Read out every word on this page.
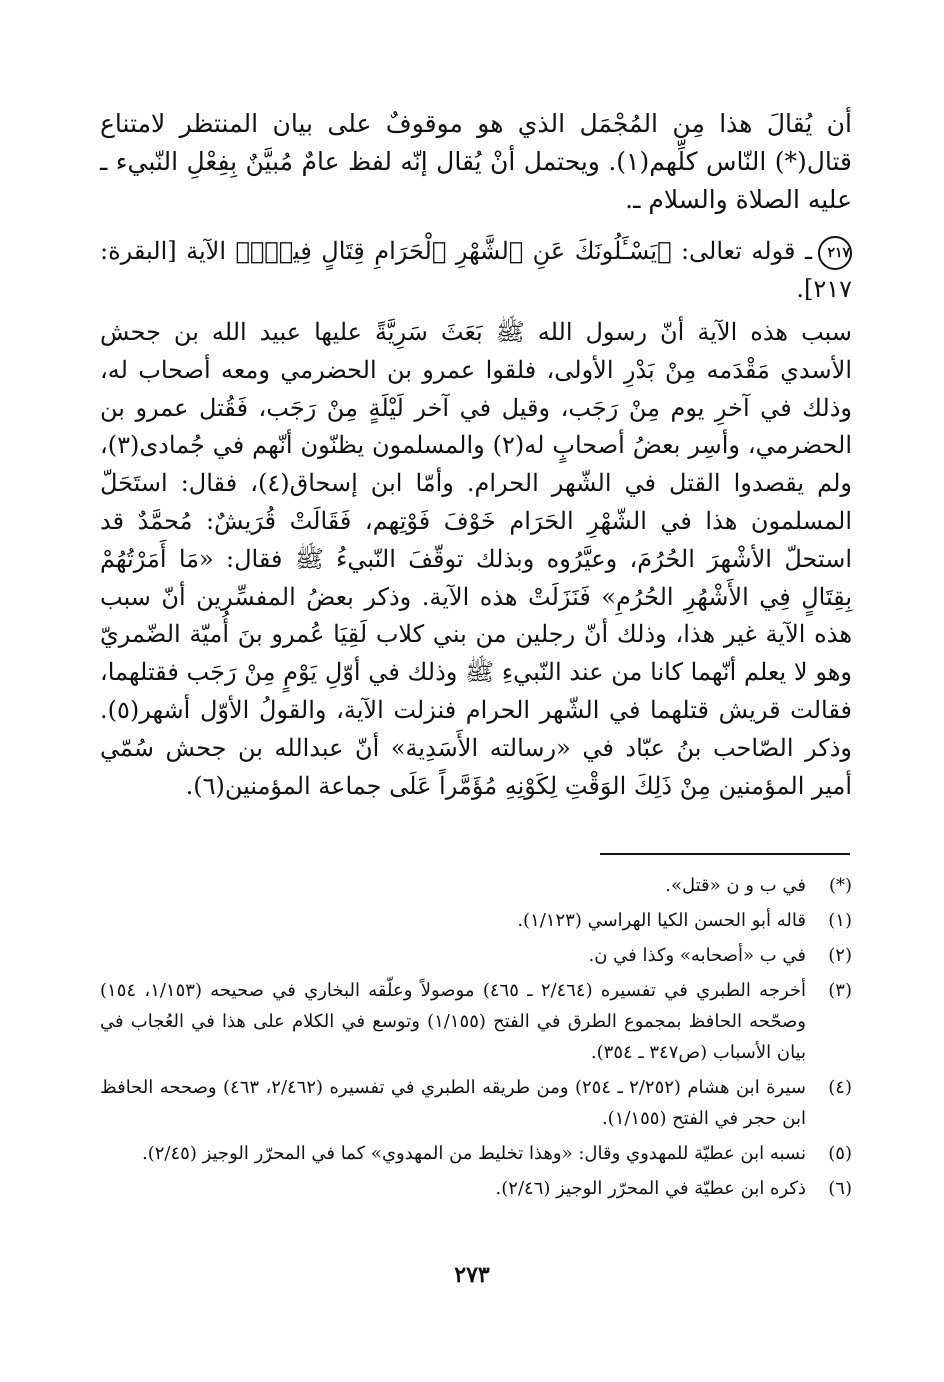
أن يُقالَ هذا مِن المُجْمَل الذي هو موقوفٌ على بيان المنتظر لامتناع قتال(*) النّاس كلِّهم(١). ويحتمل أنْ يُقال إنّه لفظ عامٌ مُبيَّنٌ بِفِعْلِ النّبيء ـ عليه الصلاة والسلام ـ.

٢١٧ـ قوله تعالى: ﴿يَسْـَٔلُونَكَ عَنِ ٱلشَّهْرِ ٱلْحَرَامِ قِتَالٍ فِيهِۖ﴾ الآية [البقرة: ٢١٧].

سبب هذه الآية أنّ رسول الله ﷺ بَعَثَ سَرِيَّةً عليها عبيد الله بن جحش الأسدي مَقْدَمه مِنْ بَدْرِ الأولى، فلقوا عمرو بن الحضرمي ومعه أصحاب له، وذلك في آخرِ يوم مِنْ رَجَب، وقيل في آخر لَيْلَةٍ مِنْ رَجَب، فَقُتل عمرو بن الحضرمي، وأسِر بعضُ أصحابٍ له(٢) والمسلمون يظنّون أنّهم في جُمادى(٣)، ولم يقصدوا القتل في الشّهر الحرام. وأمّا ابن إسحاق(٤)، فقال: استَحَلّ المسلمون هذا في الشّهْرِ الحَرَام خَوْفَ فَوْتِهم، فَقَالَتْ قُرَيشٌ: مُحمَّدٌ قد استحلّ الأشْهرَ الحُرُمَ، وعيَّرُوه وبذلك توقّفَ النّبيءُ ﷺ فقال: «مَا أَمَرْتُهُمْ بِقِتَالٍ فِي الأَشْهُرِ الحُرُمِ» فَنَزَلَتْ هذه الآية. وذكر بعضُ المفسِّرين أنّ سبب هذه الآية غير هذا، وذلك أنّ رجلين من بني كلاب لَقِيَا عُمرو بنَ أُميّة الضّمريّ وهو لا يعلم أنّهما كانا من عند النّبيءِ ﷺ وذلك في أوّلِ يَوْمٍ مِنْ رَجَب فقتلهما، فقالت قريش قتلهما في الشّهر الحرام فنزلت الآية، والقولُ الأوّل أشهر(٥). وذكر الصّاحب بنُ عبّاد في «رسالته الأَسَدِية» أنّ عبدالله بن جحش سُمّي أمير المؤمنين مِنْ ذَلِكَ الوَقْتِ لِكَوْنِهِ مُؤَمَّراً عَلَى جماعة المؤمنين(٦).

(*)
في ب و ن «قتل».
(١)
قاله أبو الحسن الكيا الهراسي (١/١٢٣).
(٢)
في ب «أصحابه» وكذا في ن.
(٣)
أخرجه الطبري في تفسيره (٢/٤٦٤ ـ ٤٦٥) موصولاً وعلّقه البخاري في صحيحه (١/١٥٣، ١٥٤) وصحّحه الحافظ بمجموع الطرق في الفتح (١/١٥٥) وتوسع في الكلام على هذا في العُجاب في بيان الأسباب (ص٣٤٧ ـ ٣٥٤).
(٤)
سيرة ابن هشام (٢/٢٥٢ ـ ٢٥٤) ومن طريقه الطبري في تفسيره (٢/٤٦٢، ٤٦٣) وصححه الحافظ ابن حجر في الفتح (١/١٥٥).
(٥)
نسبه ابن عطيّة للمهدوي وقال: «وهذا تخليط من المهدوي» كما في المحرّر الوجيز (٢/٤٥).
(٦)
ذكره ابن عطيّة في المحرّر الوجيز (٢/٤٦).
٢٧٣
